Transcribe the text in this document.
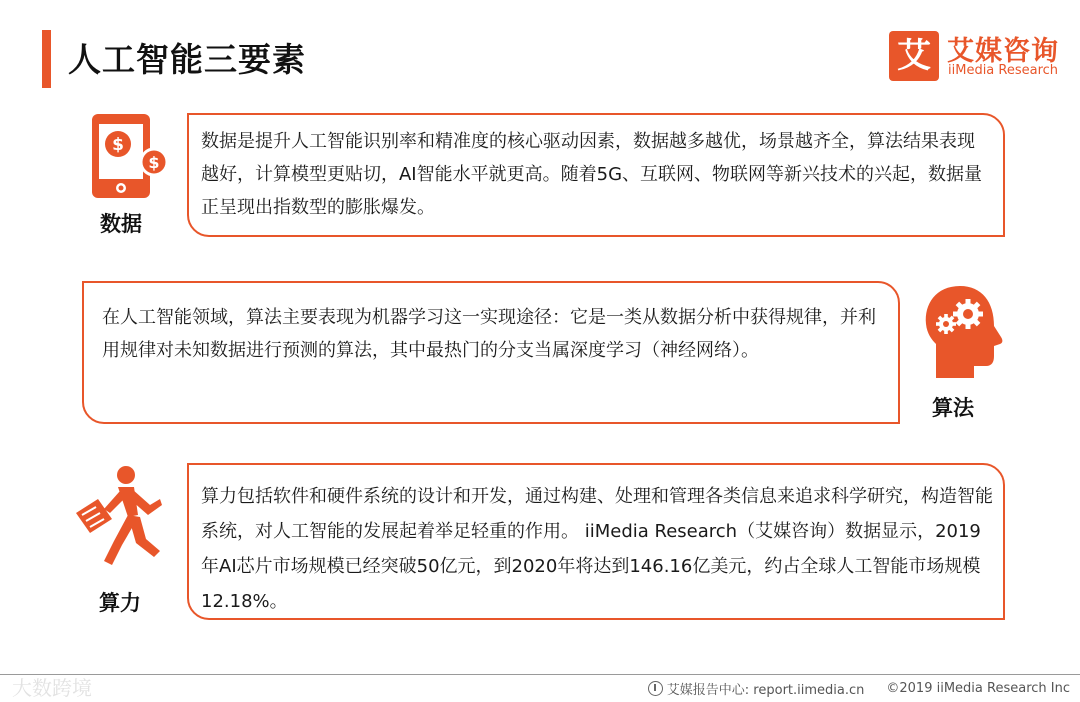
人工智能三要素	艾 艾媒咨询
iiMedia Research
$
$
数据

数据是提升人工智能识别率和精准度的核心驱动因素，数据越多越优，场景越齐全，算法结果表现越好，计算模型更贴切，AI智能水平就更高。随着5G、互联网、物联网等新兴技术的兴起，数据量正呈现出指数型的膨胀爆发。

在人工智能领域，算法主要表现为机器学习这一实现途径：它是一类从数据分析中获得规律，并利用规律对未知数据进行预测的算法，其中最热门的分支当属深度学习（神经网络）。

算法
算力

算力包括软件和硬件系统的设计和开发，通过构建、处理和管理各类信息来追求科学研究，构造智能系统，对人工智能的发展起着举足轻重的作用。 iiMedia Research（艾媒咨询）数据显示，2019年AI芯片市场规模已经突破50亿元，到2020年将达到146.16亿美元，约占全球人工智能市场规模12.18%。

大数跨境	艾媒报告中心: report.iimedia.cn ©2019 iiMedia Research Inc
